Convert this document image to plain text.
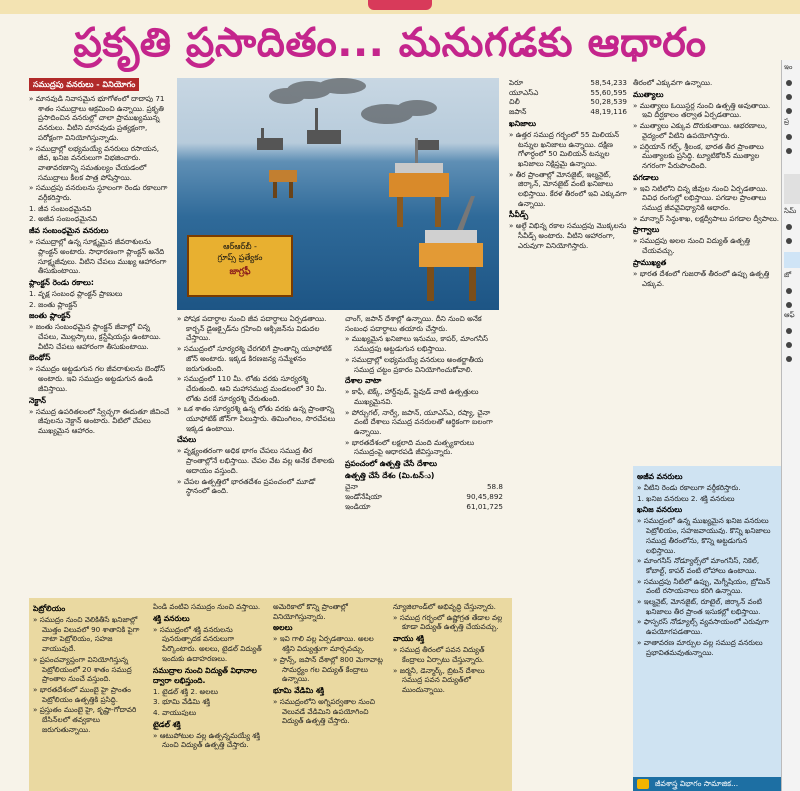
ప్రకృతి ప్రసాదితం... మనుగడకు ఆధారం
ఇం
ప్ర
సిమ్
జో
ఆఫ్
సముద్రపు వనరులు - వినియోగం

» మానవుడి నివాసమైన భూగోళంలో దాదాపు 71 శాతం సముద్రాలు ఆక్రమించి ఉన్నాయి. ప్రకృతి ప్రసాదించిన వనరుల్లో చాలా ప్రాముఖ్యమున్న వనరులు. వీటిని మానవుడు ప్రత్యక్షంగా, పరోక్షంగా వినియోగిస్తున్నాడు.

» సముద్రాల్లో లభ్యమయ్యే వనరులు రసాయన, జీవ, ఖనిజ వనరులుగా విభజించారు. వాతావరణాన్ని సమతుల్యం చేయడంలో సముద్రాలు కీలక పాత్ర పోషిస్తాయి.

» సముద్రపు వనరులను స్థూలంగా రెండు రకాలుగా వర్గీకరిస్తారు.

1. జీవ సంబంధమైనవి

2. అజీవ సంబంధమైనవి

జీవ సంబంధమైన వనరులు

» సముద్రాల్లో ఉన్న సూక్ష్మమైన జీవరాశులను ప్లాంక్టన్ అంటారు. సాధారణంగా ప్లాంక్టన్ అనేది సూక్ష్మజీవులు. వీటిని చేపలు ముఖ్య ఆహారంగా తీసుకుంటాయి.

ప్లాంక్టన్ రెండు రకాలు:

1. వృక్ష సంబంధ ప్లాంక్టన్ ప్రాణులు

2. జంతు ప్లాంక్టన్

జంతు ప్లాంక్టన్

» జంతు సంబంధమైన ప్లాంక్టన్ జీవాల్లో చిన్న చేపలు, మొల్లస్కాలు, క్రస్టేషియన్లు ఉంటాయి. వీటిని చేపలు ఆహారంగా తీసుకుంటాయి.

బెంథోస్

» సముద్రం అట్టడుగున గల జీవరాశులను బెంథోస్ అంటారు. ఇవి సముద్రం అట్టడుగున ఉండి జీవిస్తాయి.

నెక్టాన్

» సముద్ర ఉపరితలంలో స్వేచ్ఛగా ఈదుతూ జీవించే జీవులను నెక్టాన్ అంటారు. వీటిలో చేపలు ముఖ్యమైన ఆహారం.

ఆర్‌ఆర్‌బీ -
గ్రూప్స్ ప్రత్యేకం
జాగ్రఫీ

» పోషక పదార్థాల నుంచి జీవ పదార్థాలు ఏర్పడతాయి. కార్బన్ డైఆక్సైడ్‌ను గ్రహించి ఆక్సిజన్‌ను విడుదల చేస్తాయి.

» సముద్రంలో సూర్యరశ్మి చేరగలిగే ప్రాంతాన్ని యూఫోటిక్ జోన్ అంటారు. ఇక్కడ కిరణజన్య సమ్మేళనం జరుగుతుంది.

» సముద్రంలో 110 మీ. లోతు వరకు సూర్యరశ్మి చేరుతుంది. ఆవి మహాసముద్ర మండలంలో 30 మీ. లోతు వరకే సూర్యరశ్మి చేరుతుంది.

» ఒక శాతం సూర్యరశ్మి ఉన్న లోతు వరకు ఉన్న ప్రాంతాన్ని యూఫోటిక్ జోన్‌గా పిలుస్తారు. తిమింగిలం, సొరచేపలు ఇక్కడ ఉంటాయి.

చేపలు

» వృక్ష్యంతరంగా అధిక భాగం చేపలు సముద్ర తీర ప్రాంతాల్లోనే లభిస్తాయి. చేపల వేట వల్ల అనేక దేశాలకు ఆదాయం వస్తుంది.

» చేపల ఉత్పత్తిలో భారతదేశం ప్రపంచంలో మూడో స్థానంలో ఉంది.

చాంగ్, జపాన్ దేశాల్లో ఉన్నాయి. దీని నుంచి అనేక సంబంధ పదార్థాలు తయారు చేస్తారు.

» ముఖ్యమైన ఖనిజాలు ఇనుము, కాపర్, మాంగనీస్ సముద్రపు అట్టడుగున లభిస్తాయి.

» సముద్రాల్లో లభ్యమయ్యే వనరులు అంతర్జాతీయ సముద్ర చట్టం ప్రకారం వినియోగించుకోవాలి.

దేశాల వాటా

» కాఫీ, టెక్క్, హార్డ్‌వుడ్, ప్లైవుడ్ వాటి ఉత్పత్తులు ముఖ్యమైనవి.

» పోర్చుగల్, నార్వే, జపాన్, యూఎస్ఎ, రష్యా, చైనా వంటి దేశాలు సముద్ర వనరులతో ఆర్థికంగా బలంగా ఉన్నాయి.

» భారతదేశంలో లక్షలాది మంది మత్స్యకారులు సముద్రంపై ఆధారపడి జీవిస్తున్నారు.

ప్రపంచంలో ఉత్పత్తి చేసే దేశాలు
ఉత్పత్తి చేసే దేశం (మి.టన్ు)
చైనా	58.8
ఇండోనేషియా	90,45,892
ఇండియా	61,01,725
పెరూ	58,54,233
యూఎస్ఎ	55,60,595
చిలీ	50,28,539
జపాన్	48,19,116
ఖనిజాలు

» ఉత్తర సముద్ర గర్భంలో 55 మిలియన్ టన్నుల ఖనిజాలు ఉన్నాయి. దక్షిణ గోళార్ధంలో 50 మిలియన్ టన్నుల ఖనిజాలు నిక్షిప్తమై ఉన్నాయి.

» తీర ప్రాంతాల్లో మోనజైట్, ఇల్మనైట్, జిర్కాన్, మోనజైట్ వంటి ఖనిజాలు లభిస్తాయి. కేరళ తీరంలో ఇవి ఎక్కువగా ఉన్నాయి.

సీవీడ్స్

» అల్గే విభిన్న రకాల సముద్రపు మొక్కలను సీవీడ్స్ అంటారు. వీటిని ఆహారంగా, ఎరువుగా వినియోగిస్తారు.

తీరంలో ఎక్కువగా ఉన్నాయి.

ముత్యాలు

» ముత్యాలు ఓయిస్టర్ల నుంచి ఉత్పత్తి అవుతాయి. ఇవి దీర్ఘకాలం తర్వాత ఏర్పడతాయి.

» ముత్యాలు ఎక్కువ దొరుకుతాయి. ఆభరణాలు, వైద్యంలో వీటిని ఉపయోగిస్తారు.

» పర్షియాన్ గల్ఫ్, శ్రీలంక, భారత తీర ప్రాంతాలు ముత్యాలకు ప్రసిద్ధి. ట్యూటికోరిన్ ముత్యాల నగరంగా పేరుపొందింది.

పగడాలు

» ఇవి నిటిలోని చిన్న జీవుల నుంచి ఏర్పడతాయి. వివిధ రంగుల్లో లభిస్తాయి. పగడాల ప్రాంతాలు సముద్ర జీవవైవిధ్యానికి ఆధారం.

» మాన్నార్ సిన్ధుశాఖ, లక్షద్వీపాలు పగడాల ద్వీపాలు.

ప్రాగ్వాలు

» సముద్రపు అలల నుంచి విద్యుత్ ఉత్పత్తి చేయవచ్చు.

ప్రాముఖ్యత

» భారత దేశంలో గుజరాత్ తీరంలో ఉప్పు ఉత్పత్తి ఎక్కువ.

అజీవ వనరులు

» వీటిని రెండు రకాలుగా వర్గీకరిస్తారు.

1. ఖనిజ వనరులు 2. శక్తి వనరులు

ఖనిజ వనరులు

» సముద్రంలో ఉన్న ముఖ్యమైన ఖనిజ వనరులు పెట్రోలియం, సహజవాయువు. కొన్ని ఖనిజాలు సముద్ర తీరంలోను, కొన్ని అట్టడుగున లభిస్తాయి.

» మాంగనీస్ నోడ్యూల్స్‌లో మాంగనీస్, నికెల్, కోబాల్ట్, కాపర్ వంటి లోహాలు ఉంటాయి.

» సముద్రపు నీటిలో ఉప్పు, మెగ్నీషియం, బ్రోమిన్ వంటి రసాయనాలు కరిగి ఉన్నాయి.

» ఇల్మనైట్, మోనజైట్, రూటైల్, జిర్కాన్ వంటి ఖనిజాలు తీర ప్రాంత ఇసుకల్లో లభిస్తాయి.

» ఫాస్ఫరస్ నోడ్యూల్స్ వ్యవసాయంలో ఎరువుగా ఉపయోగపడతాయి.

» వాతావరణ మార్పుల వల్ల సముద్ర వనరులు ప్రభావితమవుతున్నాయి.

పెట్రోలియం

» సముద్రం నుంచి వెలికితీసే ఖనిజాల్లో మొత్తం విలువలో 90 శాతానికి పైగా వాటా పెట్రోలియం, సహజ వాయువుదే.

» ప్రపంచవ్యాప్తంగా వినియోగిస్తున్న పెట్రోలియంలో 20 శాతం సముద్ర ప్రాంతాల నుంచే వస్తుంది.

» భారతదేశంలో ముంబై హై ప్రాంతం పెట్రోలియం ఉత్పత్తికి ప్రసిద్ధి.

» ప్రస్తుతం ముంబై హై, కృష్ణా-గోదావరి బేసిన్‌లలో తవ్వకాలు జరుగుతున్నాయి.

పిండి వంటివి సముద్రం నుంచి వస్తాయి.

శక్తి వనరులు

» సముద్రంలో శక్తి వనరులను పునరుత్పాదక వనరులుగా పేర్కొంటారు. అలలు, టైడల్ విద్యుత్ ఇందుకు ఉదాహరణలు.

సముద్రాల నుంచి విద్యుత్ విధానాల ద్వారా లభిస్తుంది.

1. టైడల్ శక్తి 2. అలలు

3. భూమి వేడిమి శక్తి

4. వాయుపులు

టైడల్ శక్తి

» ఆటుపోటుల వల్ల ఉత్పన్నమయ్యే శక్తి నుంచి విద్యుత్ ఉత్పత్తి చేస్తారు.

అమెరికాలో కొన్ని ప్రాంతాల్లో వినియోగిస్తున్నారు.

అలలు

» ఇవి గాలి వల్ల ఏర్పడతాయి. అలల శక్తిని విద్యుత్తుగా మార్చవచ్చు.

» ప్రాన్స్, జపాన్ దేశాల్లో 800 మెగావాట్ల సామర్థ్యం గల విద్యుత్ కేంద్రాలు ఉన్నాయి.

భూమి వేడిమి శక్తి

» సముద్రంలోని అగ్నిపర్వతాల నుంచి వెలువడే వేడిమిని ఉపయోగించి విద్యుత్ ఉత్పత్తి చేస్తారు.

న్యూజిలాండ్‌లో అభివృద్ధి చేస్తున్నారు.

» సముద్ర గర్భంలో ఉష్ణోగ్రత తేడాల వల్ల కూడా విద్యుత్ ఉత్పత్తి చేయవచ్చు.

వాయు శక్తి

» సముద్ర తీరంలో పవన విద్యుత్ కేంద్రాలు ఏర్పాటు చేస్తున్నారు.

» జర్మనీ, డెన్మార్క్, బ్రిటన్ దేశాలు సముద్ర పవన విద్యుత్‌లో ముందున్నాయి.

జీవశాస్త్ర విభాగం సామాజిక...
